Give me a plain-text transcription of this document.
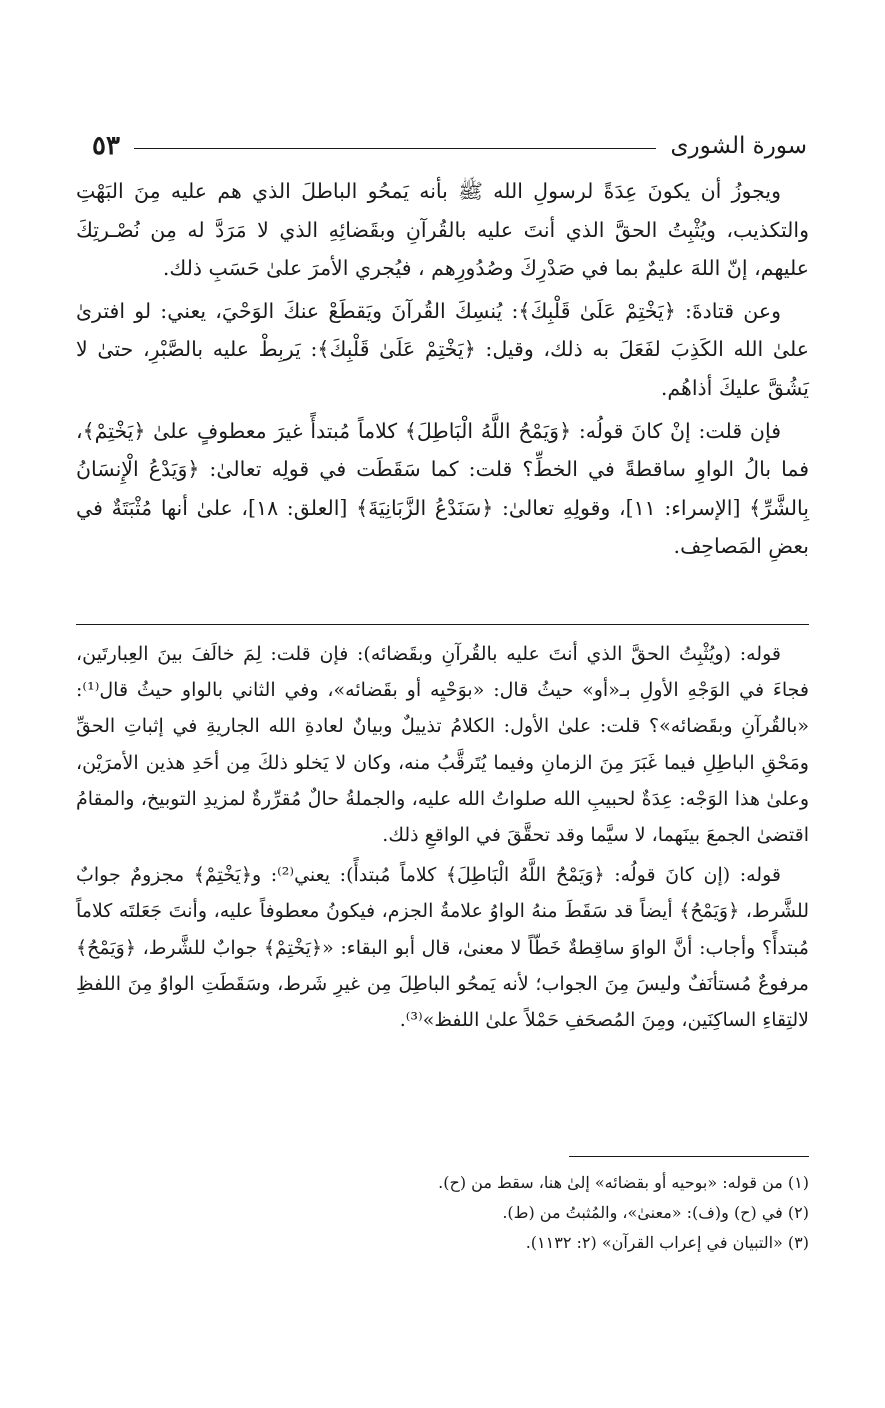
سورة الشورى
٥٣

ويجوزُ أن يكونَ عِدَةً لرسولِ الله ﷺ بأنه يَمحُو الباطلَ الذي هم عليه مِنَ البَهْتِ والتكذيب، ويُثْبِتُ الحقَّ الذي أنتَ عليه بالقُرآنِ وبقَضائِهِ الذي لا مَرَدَّ له مِن نُصْـرتِكَ عليهم، إنّ اللهَ عليمٌ بما في صَدْرِكَ وصُدُورِهم ، فيُجري الأمرَ علىٰ حَسَبِ ذلك.

وعن قتادةَ: ﴿يَخْتِمْ عَلَىٰ قَلْبِكَ﴾: يُنسِكَ القُرآنَ ويَقطَعْ عنكَ الوَحْيَ، يعني: لو افترىٰ علىٰ الله الكَذِبَ لفَعَلَ به ذلك، وقيل: ﴿يَخْتِمْ عَلَىٰ قَلْبِكَ﴾: يَربِطْ عليه بالصَّبْرِ، حتىٰ لا يَشُقَّ عليكَ أذاهُم.

فإن قلت: إنْ كانَ قولُه: ﴿وَيَمْحُ اللَّهُ الْبَاطِلَ﴾ كلاماً مُبتدأً غيرَ معطوفٍ علىٰ ﴿يَخْتِمْ﴾، فما بالُ الواوِ ساقطةً في الخطِّ؟ قلت: كما سَقَطَت في قولِه تعالىٰ: ﴿وَيَدْعُ الْإِنسَانُ بِالشَّرِّ﴾ [الإسراء: ١١]، وقولِهِ تعالىٰ: ﴿سَنَدْعُ الزَّبَانِيَةَ﴾ [العلق: ١٨]، علىٰ أنها مُثْبَتَةٌ في بعضِ المَصاحِف.

قوله: (ويُثْبِتُ الحقَّ الذي أنتَ عليه بالقُرآنِ وبقَضائه): فإن قلت: لِمَ خالَفَ بينَ العِبارتَين، فجاءَ في الوَجْهِ الأولِ بـ«أو» حيثُ قال: «بوَحْيِه أو بقَضائه»، وفي الثاني بالواو حيثُ قال⁽¹⁾: «بالقُرآنِ وبقَضائه»؟ قلت: علىٰ الأول: الكلامُ تذييلٌ وبيانٌ لعادةِ الله الجاريةِ في إثباتِ الحقِّ ومَحْقِ الباطِلِ فيما غَبَرَ مِنَ الزمانِ وفيما يُتَرقَّبُ منه، وكان لا يَخلو ذلكَ مِن أحَدِ هذين الأمرَيْن، وعلىٰ هذا الوَجْه: عِدَةٌ لحبيبِ الله صلواتُ الله عليه، والجملةُ حالٌ مُقرِّرةٌ لمزيدِ التوبيخ، والمقامُ اقتضىٰ الجمعَ بينَهما، لا سيَّما وقد تحقَّقَ في الواقعِ ذلك.

قوله: (إن كانَ قولُه: ﴿وَيَمْحُ اللَّهُ الْبَاطِلَ﴾ كلاماً مُبتدأً): يعني⁽²⁾: و﴿يَخْتِمْ﴾ مجزومٌ جوابٌ للشَّرط، ﴿وَيَمْحُ﴾ أيضاً قد سَقَطَ منهُ الواوُ علامةُ الجزم، فيكونُ معطوفاً عليه، وأنتَ جَعَلتَه كلاماً مُبتدأً؟ وأجاب: أنَّ الواوَ ساقِطةٌ خَطّاً لا معنىٰ، قال أبو البقاء: «﴿يَخْتِمْ﴾ جوابٌ للشَّرط، ﴿وَيَمْحُ﴾ مرفوعٌ مُستأنَفٌ وليسَ مِنَ الجواب؛ لأنه يَمحُو الباطِلَ مِن غيرِ شَرط، وسَقَطَتِ الواوُ مِنَ اللفظِ لالتِقاءِ الساكِنَين، ومِنَ المُصحَفِ حَمْلاً علىٰ اللفظ»⁽³⁾.

(١) من قوله: «بوحيه أو بقضائه» إلىٰ هنا، سقط من (ح).

(٢) في (ح) و(ف): «معنىٰ»، والمُثبتُ من (ط).

(٣) «التبيان في إعراب القرآن» (٢: ١١٣٢).
